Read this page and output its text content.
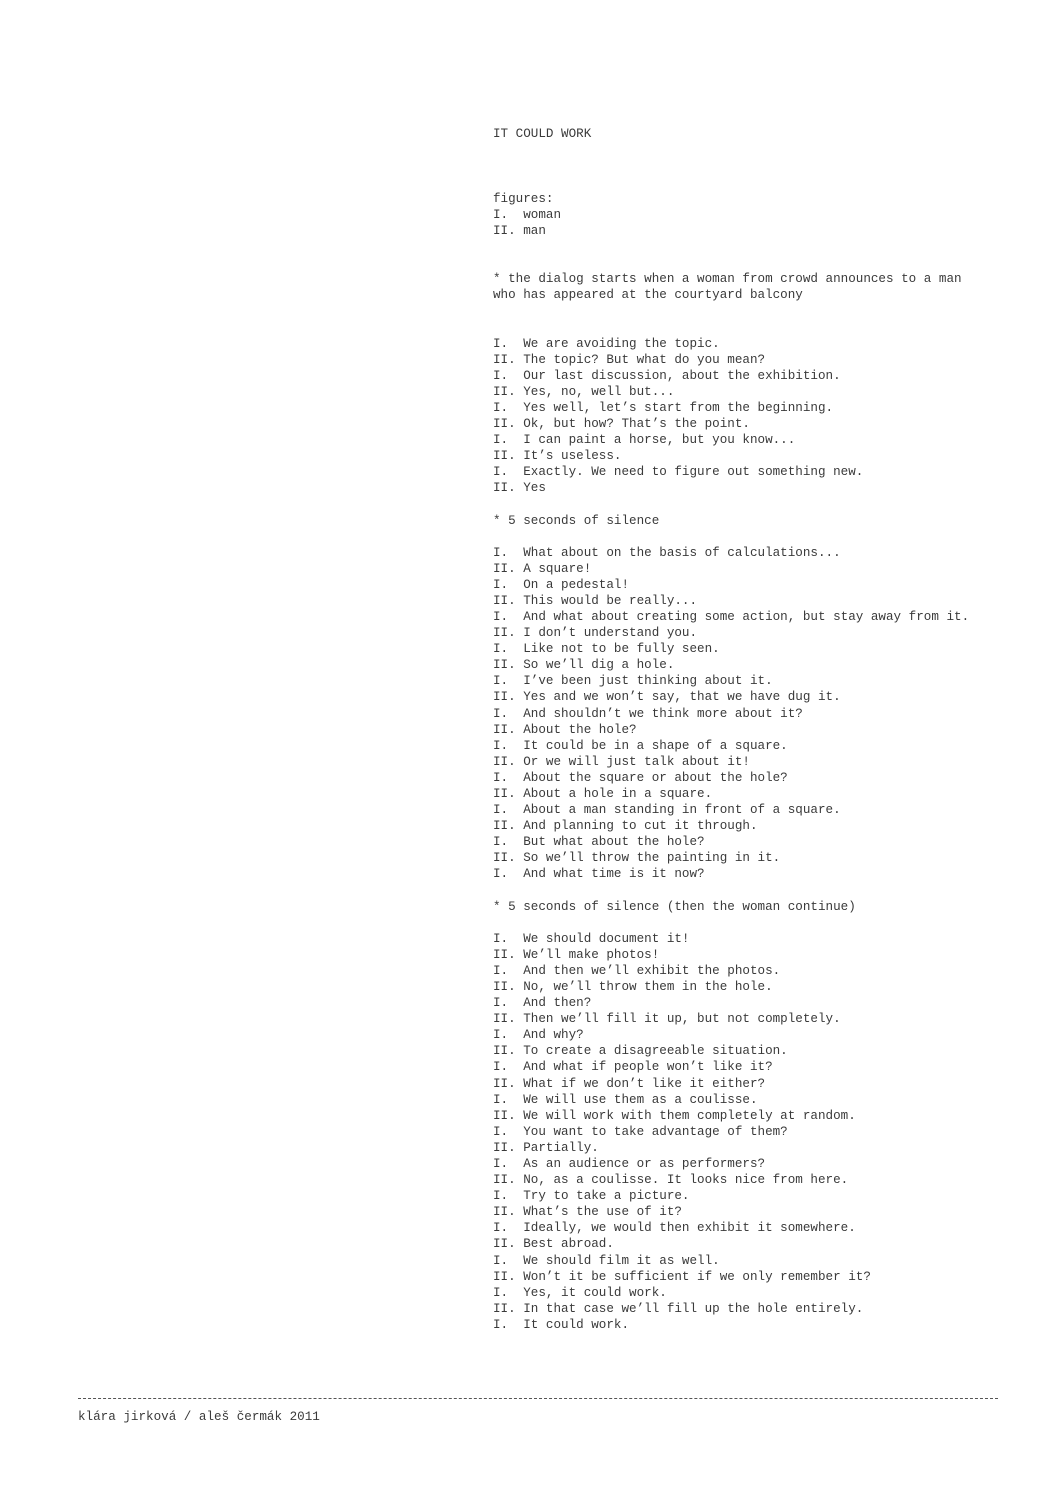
IT COULD WORK
figures:
I.  woman
II. man
* the dialog starts when a woman from crowd announces to a man
who has appeared at the courtyard balcony
I.  We are avoiding the topic.
II. The topic? But what do you mean?
I.  Our last discussion, about the exhibition.
II. Yes, no, well but...
I.  Yes well, let’s start from the beginning.
II. Ok, but how? That’s the point.
I.  I can paint a horse, but you know...
II. It’s useless.
I.  Exactly. We need to figure out something new.
II. Yes
* 5 seconds of silence
I.  What about on the basis of calculations...
II. A square!
I.  On a pedestal!
II. This would be really...
I.  And what about creating some action, but stay away from it.
II. I don’t understand you.
I.  Like not to be fully seen.
II. So we’ll dig a hole.
I.  I’ve been just thinking about it.
II. Yes and we won’t say, that we have dug it.
I.  And shouldn’t we think more about it?
II. About the hole?
I.  It could be in a shape of a square.
II. Or we will just talk about it!
I.  About the square or about the hole?
II. About a hole in a square.
I.  About a man standing in front of a square.
II. And planning to cut it through.
I.  But what about the hole?
II. So we’ll throw the painting in it.
I.  And what time is it now?
* 5 seconds of silence (then the woman continue)
I.  We should document it!
II. We’ll make photos!
I.  And then we’ll exhibit the photos.
II. No, we’ll throw them in the hole.
I.  And then?
II. Then we’ll fill it up, but not completely.
I.  And why?
II. To create a disagreeable situation.
I.  And what if people won’t like it?
II. What if we don’t like it either?
I.  We will use them as a coulisse.
II. We will work with them completely at random.
I.  You want to take advantage of them?
II. Partially.
I.  As an audience or as performers?
II. No, as a coulisse. It looks nice from here.
I.  Try to take a picture.
II. What’s the use of it?
I.  Ideally, we would then exhibit it somewhere.
II. Best abroad.
I.  We should film it as well.
II. Won’t it be sufficient if we only remember it?
I.  Yes, it could work.
II. In that case we’ll fill up the hole entirely.
I.  It could work.
klára jirková / aleš čermák 2011
